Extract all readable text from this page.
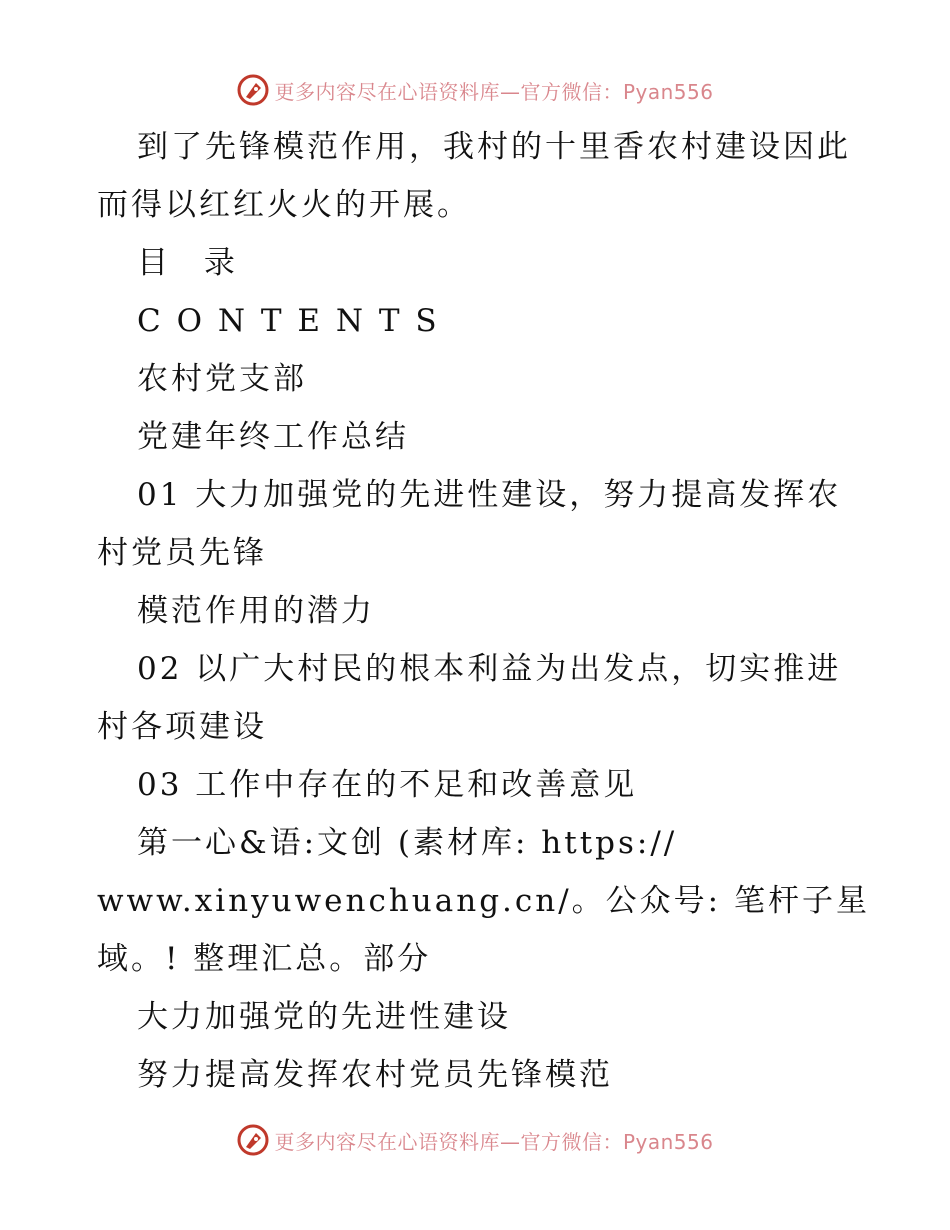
更多内容尽在心语资料库—官方微信：Pyan556
到了先锋模范作用，我村的十里香农村建设因此
而得以红红火火的开展。
目 录
C O N T E N T S
农村党支部
党建年终工作总结
01 大力加强党的先进性建设，努力提高发挥农
村党员先锋
模范作用的潜力
02 以广大村民的根本利益为出发点，切实推进
村各项建设
03 工作中存在的不足和改善意见
第一心&语:文创 (素材库: https://
www.xinyuwenchuang.cn/。公众号: 笔杆子星
域。! 整理汇总。部分
大力加强党的先进性建设
努力提高发挥农村党员先锋模范
更多内容尽在心语资料库—官方微信：Pyan556
